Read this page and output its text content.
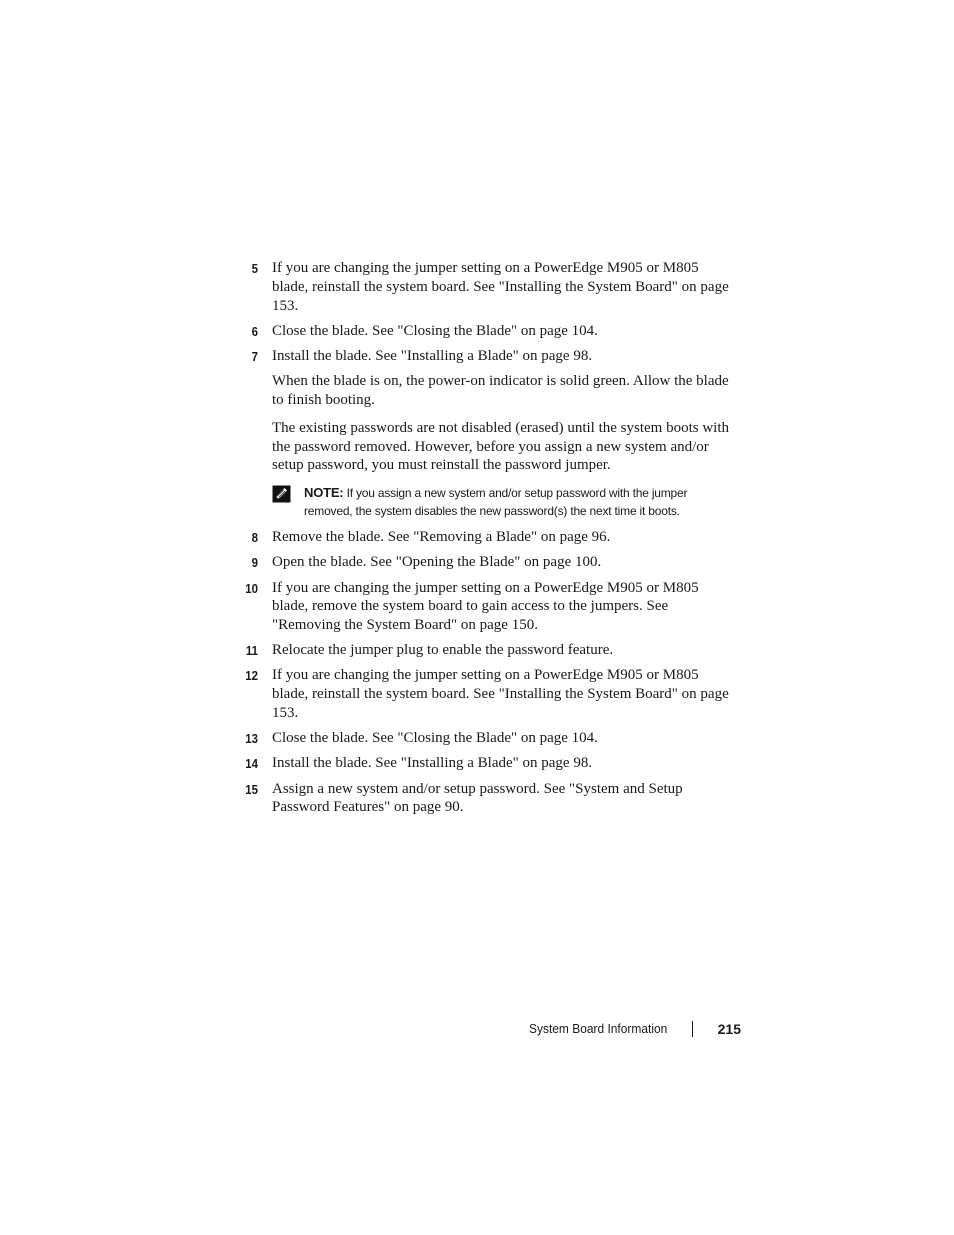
5 If you are changing the jumper setting on a PowerEdge M905 or M805 blade, reinstall the system board. See "Installing the System Board" on page 153.
6 Close the blade. See "Closing the Blade" on page 104.
7 Install the blade. See "Installing a Blade" on page 98.
When the blade is on, the power-on indicator is solid green. Allow the blade to finish booting.
The existing passwords are not disabled (erased) until the system boots with the password removed. However, before you assign a new system and/or setup password, you must reinstall the password jumper.
NOTE: If you assign a new system and/or setup password with the jumper removed, the system disables the new password(s) the next time it boots.
8 Remove the blade. See "Removing a Blade" on page 96.
9 Open the blade. See "Opening the Blade" on page 100.
10 If you are changing the jumper setting on a PowerEdge M905 or M805 blade, remove the system board to gain access to the jumpers. See "Removing the System Board" on page 150.
11 Relocate the jumper plug to enable the password feature.
12 If you are changing the jumper setting on a PowerEdge M905 or M805 blade, reinstall the system board. See "Installing the System Board" on page 153.
13 Close the blade. See "Closing the Blade" on page 104.
14 Install the blade. See "Installing a Blade" on page 98.
15 Assign a new system and/or setup password. See "System and Setup Password Features" on page 90.
System Board Information	215
